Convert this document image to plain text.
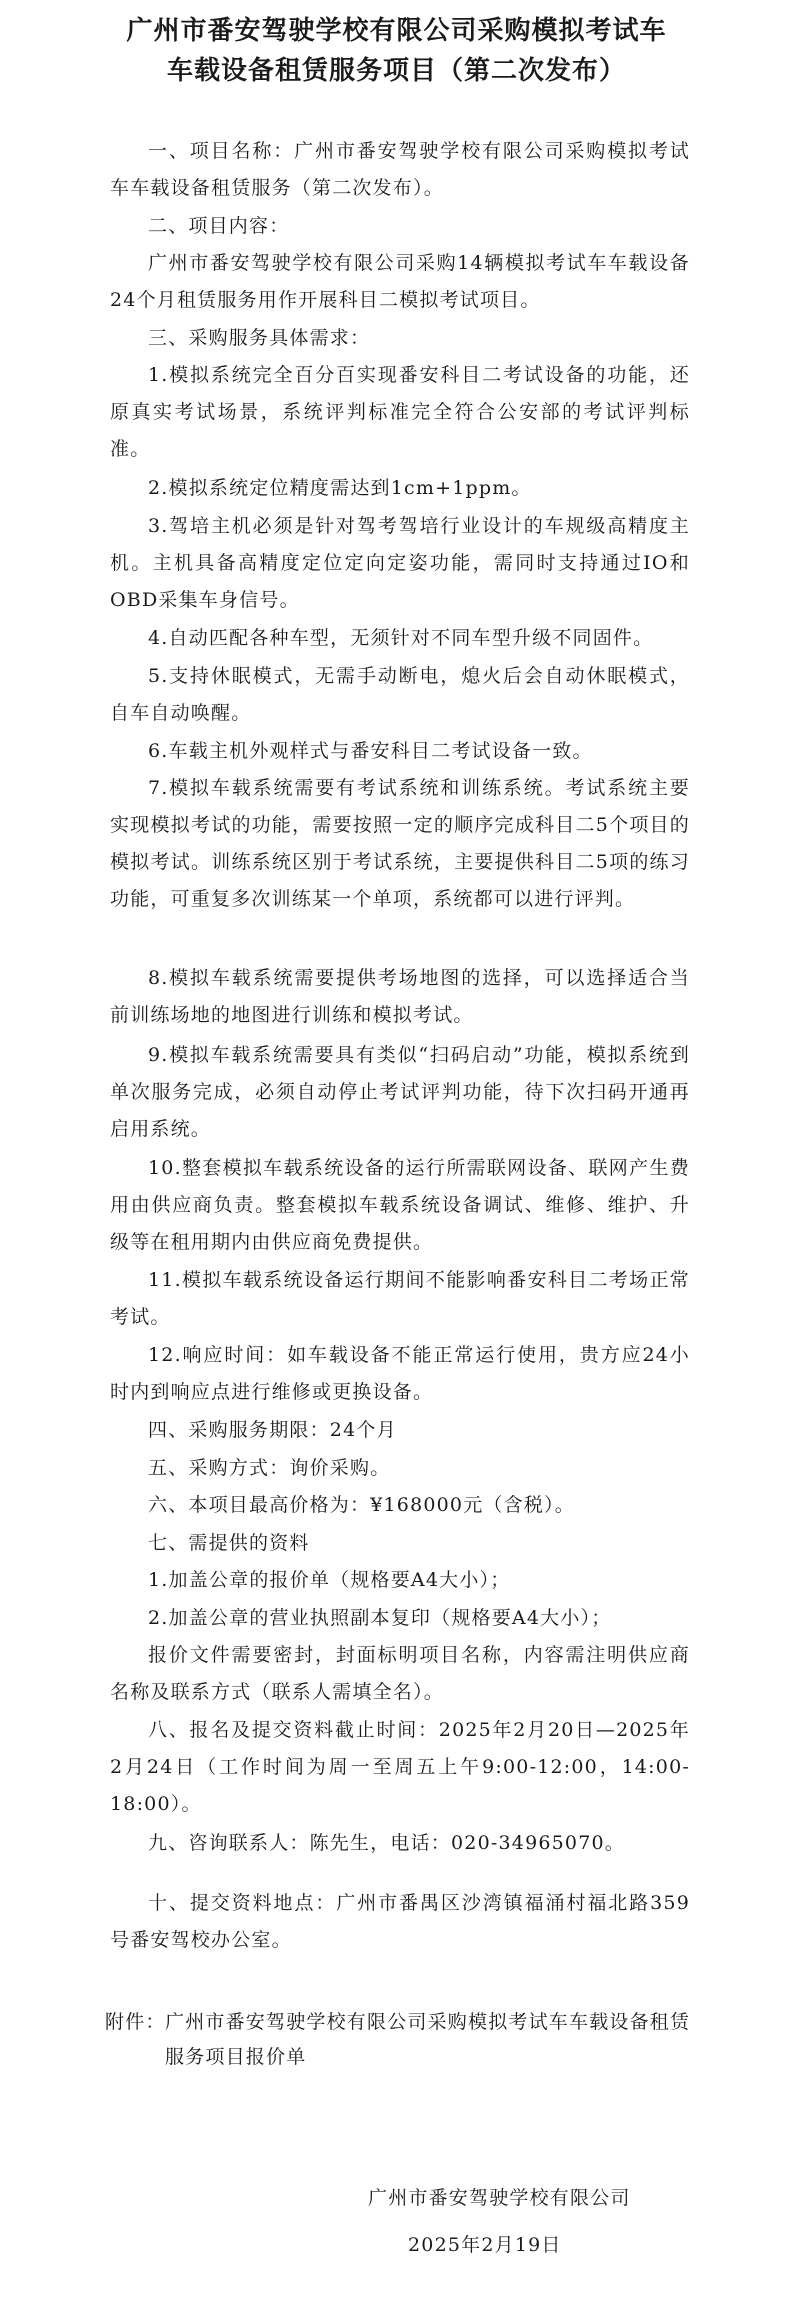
广州市番安驾驶学校有限公司采购模拟考试车
车载设备租赁服务项目（第二次发布）

一、项目名称：广州市番安驾驶学校有限公司采购模拟考试车车载设备租赁服务（第二次发布）。

二、项目内容：

广州市番安驾驶学校有限公司采购14辆模拟考试车车载设备24个月租赁服务用作开展科目二模拟考试项目。

三、采购服务具体需求：

1.模拟系统完全百分百实现番安科目二考试设备的功能，还原真实考试场景，系统评判标准完全符合公安部的考试评判标准。

2.模拟系统定位精度需达到1cm+1ppm。

3.驾培主机必须是针对驾考驾培行业设计的车规级高精度主机。主机具备高精度定位定向定姿功能，需同时支持通过IO和OBD采集车身信号。

4.自动匹配各种车型，无须针对不同车型升级不同固件。

5.支持休眠模式，无需手动断电，熄火后会自动休眠模式，自车自动唤醒。

6.车载主机外观样式与番安科目二考试设备一致。

7.模拟车载系统需要有考试系统和训练系统。考试系统主要实现模拟考试的功能，需要按照一定的顺序完成科目二5个项目的模拟考试。训练系统区别于考试系统，主要提供科目二5项的练习功能，可重复多次训练某一个单项，系统都可以进行评判。

8.模拟车载系统需要提供考场地图的选择，可以选择适合当前训练场地的地图进行训练和模拟考试。

9.模拟车载系统需要具有类似“扫码启动”功能，模拟系统到单次服务完成，必须自动停止考试评判功能，待下次扫码开通再启用系统。

10.整套模拟车载系统设备的运行所需联网设备、联网产生费用由供应商负责。整套模拟车载系统设备调试、维修、维护、升级等在租用期内由供应商免费提供。

11.模拟车载系统设备运行期间不能影响番安科目二考场正常考试。

12.响应时间：如车载设备不能正常运行使用，贵方应24小时内到响应点进行维修或更换设备。

四、采购服务期限：24个月

五、采购方式：询价采购。

六、本项目最高价格为：¥168000元（含税）。

七、需提供的资料

1.加盖公章的报价单（规格要A4大小）；

2.加盖公章的营业执照副本复印（规格要A4大小）；

报价文件需要密封，封面标明项目名称，内容需注明供应商名称及联系方式（联系人需填全名）。

八、报名及提交资料截止时间：2025年2月20日—2025年2月24日（工作时间为周一至周五上午9:00-12:00，14:00-18:00）。

九、咨询联系人：陈先生，电话：020-34965070。

十、提交资料地点：广州市番禺区沙湾镇福涌村福北路359号番安驾校办公室。

附件： 广州市番安驾驶学校有限公司采购模拟考试车车载设备租赁服务项目报价单
广州市番安驾驶学校有限公司
2025年2月19日
